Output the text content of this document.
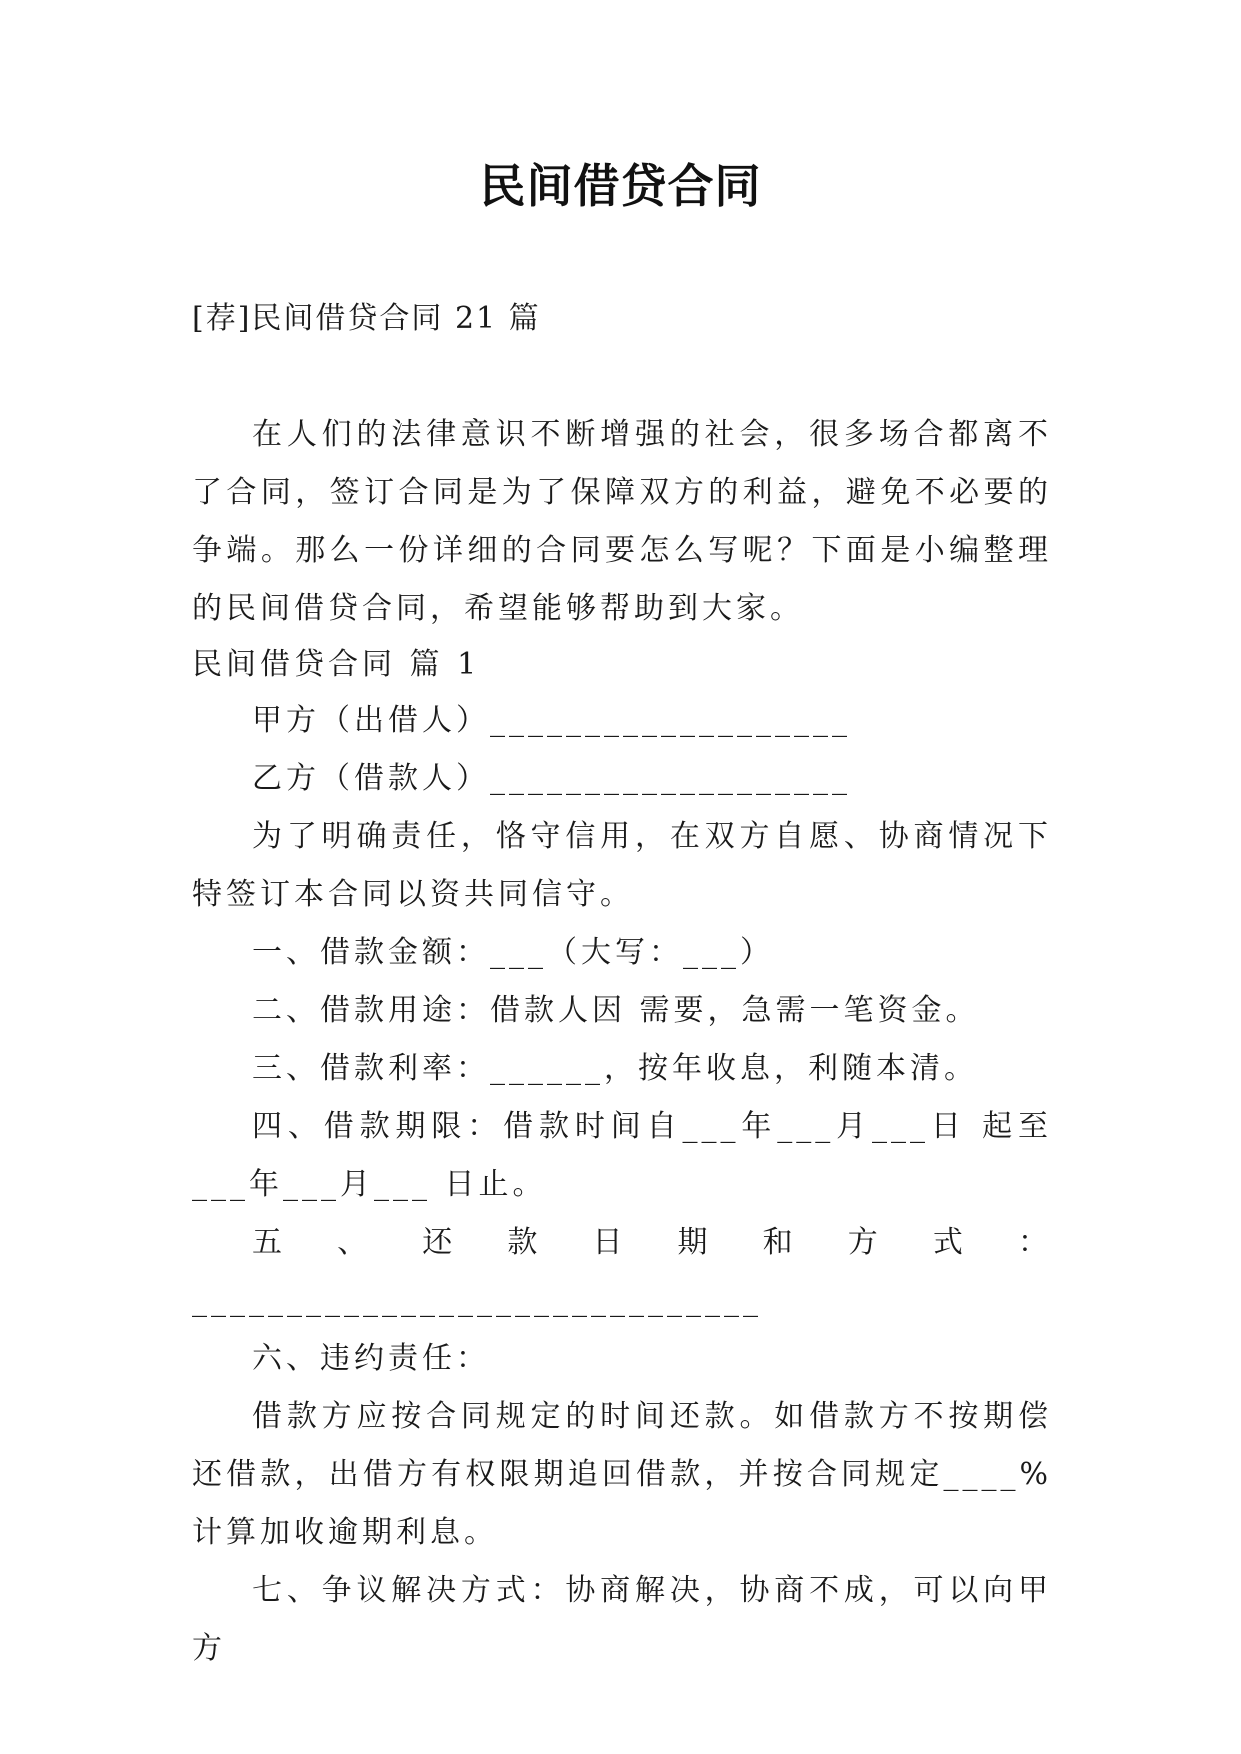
民间借贷合同
[荐]民间借贷合同 21 篇

在人们的法律意识不断增强的社会，很多场合都离不了合同，签订合同是为了保障双方的利益，避免不必要的争端。那么一份详细的合同要怎么写呢？下面是小编整理的民间借贷合同，希望能够帮助到大家。

民间借贷合同 篇 1

甲方（出借人）___________________

乙方（借款人）___________________

为了明确责任，恪守信用，在双方自愿、协商情况下特签订本合同以资共同信守。

一、借款金额：___（大写：___）

二、借款用途：借款人因 需要，急需一笔资金。

三、借款利率：______，按年收息，利随本清。

四、借款期限：借款时间自___年___月___日 起至___年___月___ 日止。

五、还款日期和方式：______________________________

六、违约责任：

借款方应按合同规定的时间还款。如借款方不按期偿还借款，出借方有权限期追回借款，并按合同规定____%计算加收逾期利息。

七、争议解决方式：协商解决，协商不成，可以向甲方
